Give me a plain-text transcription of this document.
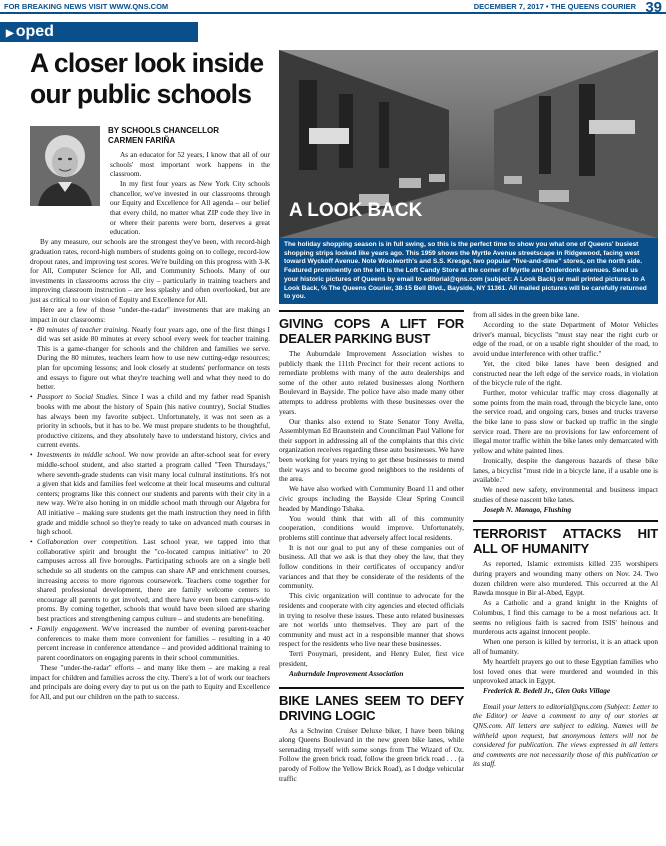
FOR BREAKING NEWS VISIT WWW.QNS.COM	DECEMBER 7, 2017 • THE QUEENS COURIER 39
▶ oped
A closer look inside our public schools
BY SCHOOLS CHANCELLOR
CARMEN FARIÑA

As an educator for 52 years, I know that all of our schools' most important work happens in the classroom.

In my first four years as New York City schools chancellor, we've invested in our classrooms through our Equity and Excellence for All agenda – our belief that every child, no matter what ZIP code they live in or where their parents were born, deserves a great education.

By any measure, our schools are the strongest they've been, with record-high graduation rates, record-high numbers of students going on to college, record-low dropout rates, and improving test scores. We're building on this progress with 3-K for All, Computer Science for All, and Community Schools. Many of our investments in classrooms across the city – particularly in training teachers and improving classroom instruction – are less splashy and often overlooked, but are just as critical to our vision of Equity and Excellence for All.

Here are a few of those "under-the-radar" investments that are making an impact in our classrooms:

• 80 minutes of teacher training. Nearly four years ago, one of the first things I did was set aside 80 minutes at every school every week for teacher training. This is a game-changer for schools and the children and families we serve. During the 80 minutes, teachers learn how to use new cutting-edge resources; plan for upcoming lessons; and look closely at students' performance on tests and essays to figure out what they're teaching well and what they need to do better.
• Passport to Social Studies. Since I was a child and my father read Spanish books with me about the history of Spain (his native country), Social Studies has always been my favorite subject. Unfortunately, it was not seen as a priority in schools, but it has to be. We must prepare students to be thoughtful, productive citizens, and they absolutely have to understand history, civics and current events.
• Investments in middle school. We now provide an after-school seat for every middle-school student, and also started a program called "Teen Thursdays," where seventh-grade students can visit many local cultural institutions. It's not a given that kids and families feel welcome at their local museums and cultural centers; programs like this connect our students and parents with their city in a new way. We're also honing in on middle school math through our Algebra for All initiative – making sure students get the math instruction they need in fifth grade and middle school so they're ready to take on advanced math courses in high school.
• Collaboration over competition. Last school year, we tapped into that collaborative spirit and brought the "co-located campus initiative" to 20 campuses across all five boroughs. Participating schools are on a single bell schedule so all students on the campus can share AP and enrichment courses, increasing access to more rigorous coursework. Teachers come together for shared professional development, there are family welcome centers to encourage all parents to get involved, and there have even been campus-wide proms. By coming together, schools that would have been siloed are sharing best practices and strengthening campus culture – and students are benefiting.
• Family engagement. We've increased the number of evening parent-teacher conferences to make them more convenient for families – resulting in a 40 percent increase in conference attendance – and provided additional training to parent coordinators on engaging parents in their school communities.

These "under-the-radar" efforts – and many like them – are making a real impact for children and families across the city. There's a lot of work our teachers and principals are doing every day to put us on the path to Equity and Excellence for All, and put our children on the path to success.

A LOOK BACK
The holiday shopping season is in full swing, so this is the perfect time to show you what one of Queens' busiest shopping strips looked like years ago. This 1959 shows the Myrtle Avenue streetscape in Ridgewood, facing west toward Wyckoff Avenue. Note Woolworth's and S.S. Kresge, two popular "five-and-dime" stores, on the north side. Featured prominently on the left is the Loft Candy Store at the corner of Myrtle and Onderdonk avenues. Send us your historic pictures of Queens by email to editorial@qns.com (subject: A Look Back) or mail printed pictures to A Look Back, ℅ The Queens Courier, 38-15 Bell Blvd., Bayside, NY 11361. All mailed pictures will be carefully returned to you.
GIVING COPS A LIFT FOR DEALER PARKING BUST

The Auburndale Improvement Association wishes to publicly thank the 111th Precinct for their recent actions to remediate problems with many of the auto dealerships and some of the other auto related businesses along Northern Boulevard in Bayside. The police have also made many other attempts to address problems with these businesses over the years.

Our thanks also extend to State Senator Tony Avella, Assemblyman Ed Braunstein and Councilman Paul Vallone for their support in addressing all of the complaints that this civic organization receives regarding these auto businesses. We have been working for years trying to get these businesses to mend their ways and to become good neighbors to the residents of the area.

We have also worked with Community Board 11 and other civic groups including the Bayside Clear Spring Council headed by Mandingo Tshaka.

You would think that with all of this community cooperation, conditions would improve. Unfortunately, problems still continue that adversely affect local residents.

It is not our goal to put any of these companies out of business. All that we ask is that they obey the law, that they follow conditions in their certificates of occupancy and/or variances and that they be considerate of the residents of the community.

This civic organization will continue to advocate for the residents and cooperate with city agencies and elected officials in trying to resolve these issues. These auto related businesses are not worlds unto themselves. They are part of the community and must act in a responsible manner that shows respect for the residents who live near these businesses.

Terri Pouymari, president, and Henry Euler, first vice president,

Auburndale Improvement Association

BIKE LANES SEEM TO DEFY DRIVING LOGIC

As a Schwinn Cruiser Deluxe biker, I have been biking along Queens Boulevard in the new green bike lanes, while serenading myself with some songs from The Wizard of Oz. Follow the green brick road, follow the green brick road . . . (a parody of Follow the Yellow Brick Road), as I dodge vehicular traffic

from all sides in the green bike lane.

According to the state Department of Motor Vehicles driver's manual, bicyclists "must stay near the right curb or edge of the road, or on a usable right shoulder of the road, to avoid undue interference with other traffic."

Yet, the cited bike lanes have been designed and constructed near the left edge of the service roads, in violation of the bicycle rule of the right.

Further, motor vehicular traffic may cross diagonally at some points from the main road, through the bicycle lane, onto the service road, and ongoing cars, buses and trucks traverse the bike lane to pass slow or backed up traffic in the single service road. There are no provisions for law enforcement of illegal motor traffic within the bike lanes only demarcated with yellow and white painted lines.

Ironically, despite the dangerous hazards of these bike lanes, a bicyclist "must ride in a bicycle lane, if a usable one is available."

We need new safety, environmental and business impact studies of these nascent bike lanes.

Joseph N. Manago, Flushing

TERRORIST ATTACKS HIT ALL OF HUMANITY

As reported, Islamic extremists killed 235 worshipers during prayers and wounding many others on Nov. 24. Two dozen children were also murdered. This occurred at the Al Rawda mosque in Bir al-Abed, Egypt.

As a Catholic and a grand knight in the Knights of Columbus, I find this carnage to be a most nefarious act. It seems no religious faith is sacred from ISIS' heinous and murderous acts against innocent people.

When one person is killed by terrorist, it is an attack upon all of humanity.

My heartfelt prayers go out to these Egyptian families who lost loved ones that were murdered and wounded in this unprovoked attack in Egypt.

Frederick R. Bedell Jr., Glen Oaks Village

Email your letters to editorial@qns.com (Subject: Letter to the Editor) or leave a comment to any of our stories at QNS.com. All letters are subject to editing. Names will be withheld upon request, but anonymous letters will not be considered for publication. The views expressed in all letters and comments are not necessarily those of this publication or its staff.
